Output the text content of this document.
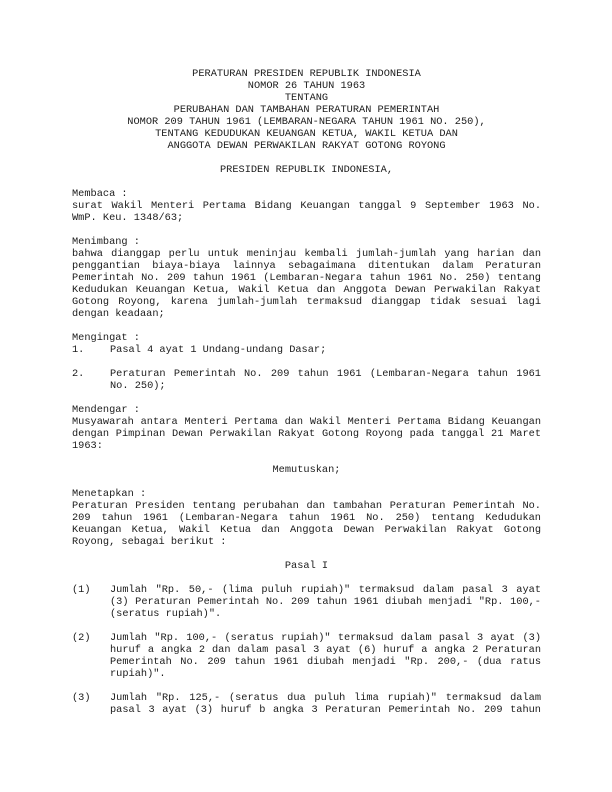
PERATURAN PRESIDEN REPUBLIK INDONESIA
NOMOR 26 TAHUN 1963
TENTANG
PERUBAHAN DAN TAMBAHAN PERATURAN PEMERINTAH
NOMOR 209 TAHUN 1961 (LEMBARAN-NEGARA TAHUN 1961 NO. 250),
TENTANG KEDUDUKAN KEUANGAN KETUA, WAKIL KETUA DAN
ANGGOTA DEWAN PERWAKILAN RAKYAT GOTONG ROYONG
PRESIDEN REPUBLIK INDONESIA,
Membaca :
surat Wakil Menteri Pertama Bidang Keuangan tanggal 9 September 1963 No.
WmP. Keu. 1348/63;
Menimbang :
bahwa dianggap perlu untuk meninjau kembali jumlah-jumlah yang harian dan
penggantian biaya-biaya lainnya sebagaimana ditentukan dalam Peraturan
Pemerintah No. 209 tahun 1961 (Lembaran-Negara tahun 1961 No. 250) tentang
Kedudukan Keuangan Ketua, Wakil Ketua dan Anggota Dewan Perwakilan Rakyat
Gotong Royong, karena jumlah-jumlah termaksud dianggap tidak sesuai lagi
dengan keadaan;
Mengingat :
1.	Pasal 4 ayat 1 Undang-undang Dasar;
2.	Peraturan Pemerintah No. 209 tahun 1961 (Lembaran-Negara tahun 1961
No. 250);
Mendengar :
Musyawarah antara Menteri Pertama dan Wakil Menteri Pertama Bidang Keuangan
dengan Pimpinan Dewan Perwakilan Rakyat Gotong Royong pada tanggal 21 Maret
1963:
Memutuskan;
Menetapkan :
Peraturan Presiden tentang perubahan dan tambahan Peraturan Pemerintah No.
209 tahun 1961 (Lembaran-Negara tahun 1961 No. 250) tentang Kedudukan
Keuangan Ketua, Wakil Ketua dan Anggota Dewan Perwakilan Rakyat Gotong
Royong, sebagai berikut :
Pasal I
(1)	Jumlah "Rp. 50,- (lima puluh rupiah)" termaksud dalam pasal 3 ayat
(3) Peraturan Pemerintah No. 209 tahun 1961 diubah menjadi "Rp. 100,-
(seratus rupiah)".
(2)	Jumlah "Rp. 100,- (seratus rupiah)" termaksud dalam pasal 3 ayat (3)
huruf a angka 2 dan dalam pasal 3 ayat (6) huruf a angka 2 Peraturan
Pemerintah No. 209 tahun 1961 diubah menjadi "Rp. 200,- (dua ratus
rupiah)".
(3)	Jumlah "Rp. 125,- (seratus dua puluh lima rupiah)" termaksud dalam
pasal 3 ayat (3) huruf b angka 3 Peraturan Pemerintah No. 209 tahun
